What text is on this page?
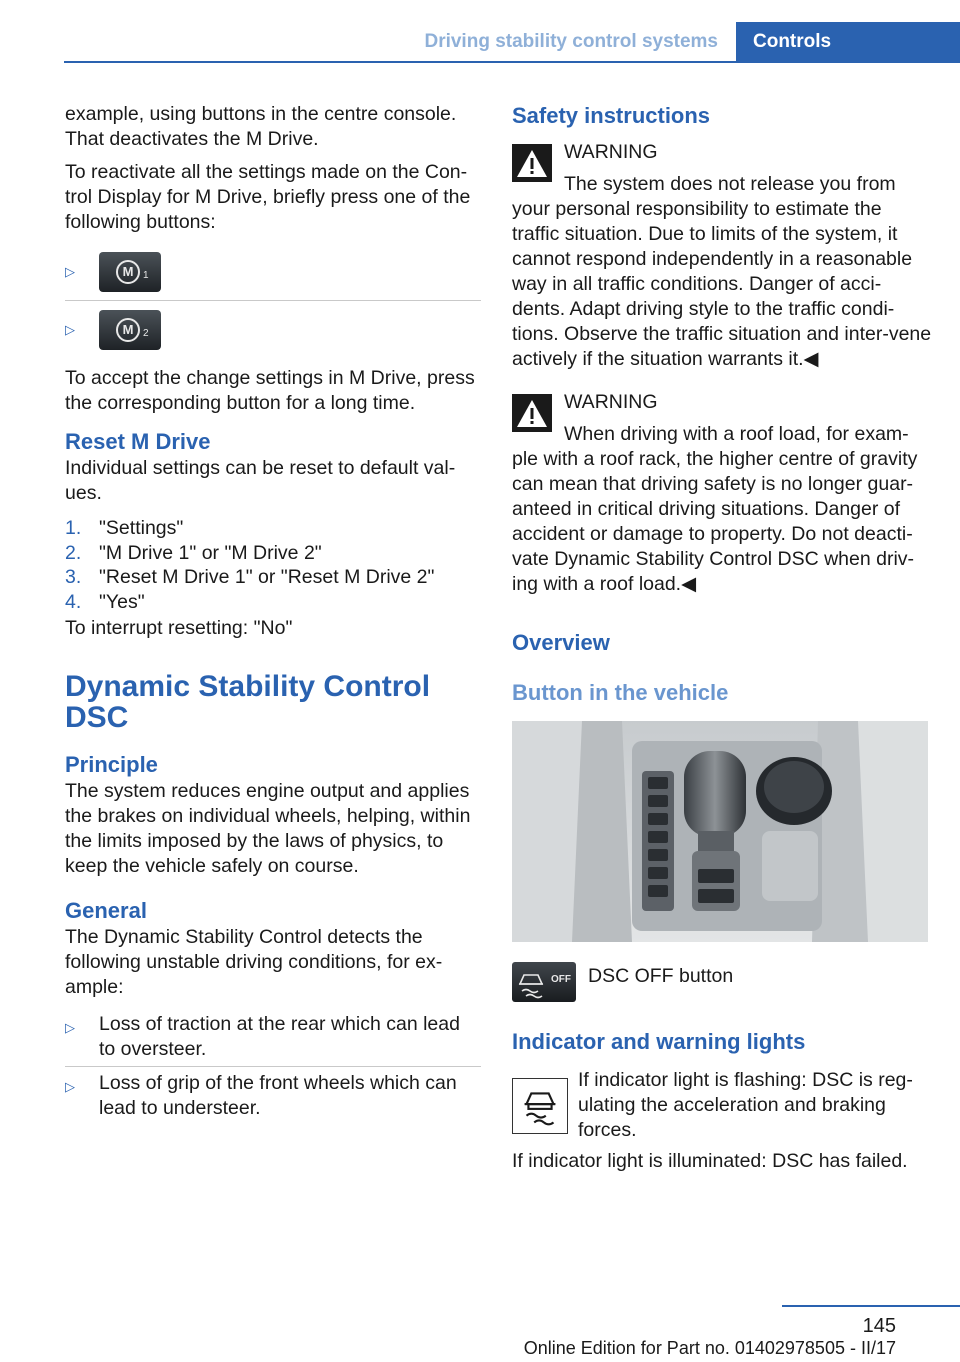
Driving stability control systems	Controls

example, using buttons in the centre console. That deactivates the M Drive.

To reactivate all the settings made on the Con‐trol Display for M Drive, briefly press one of the following buttons:

▷	M 1
▷	M 2

To accept the change settings in M Drive, press the corresponding button for a long time.

Reset M Drive

Individual settings can be reset to default val‐ues.

1. "Settings"
2. "M Drive 1" or "M Drive 2"
3. "Reset M Drive 1" or "Reset M Drive 2"
4. "Yes"

To interrupt resetting: "No"

Dynamic Stability Control DSC
Principle

The system reduces engine output and applies the brakes on individual wheels, helping, within the limits imposed by the laws of physics, to keep the vehicle safely on course.

General

The Dynamic Stability Control detects the following unstable driving conditions, for ex‐ample:

▷	Loss of traction at the rear which can lead to oversteer.
▷	Loss of grip of the front wheels which can lead to understeer.
Safety instructions
WARNING

The system does not release you from

your personal responsibility to estimate the traffic situation. Due to limits of the system, it cannot respond independently in a reasonable way in all traffic conditions. Danger of acci‐dents. Adapt driving style to the traffic condi‐tions. Observe the traffic situation and inter‐vene actively if the situation warrants it.◀

WARNING

When driving with a roof load, for exam‐

ple with a roof rack, the higher centre of gravity can mean that driving safety is no longer guar‐anteed in critical driving situations. Danger of accident or damage to property. Do not deacti‐vate Dynamic Stability Control DSC when driv‐ing with a roof load.◀

Overview
Button in the vehicle
OFF DSC OFF button
Indicator and warning lights

If indicator light is flashing: DSC is reg‐ulating the acceleration and braking forces.

If indicator light is illuminated: DSC has failed.

145
Online Edition for Part no. 01402978505 - II/17
